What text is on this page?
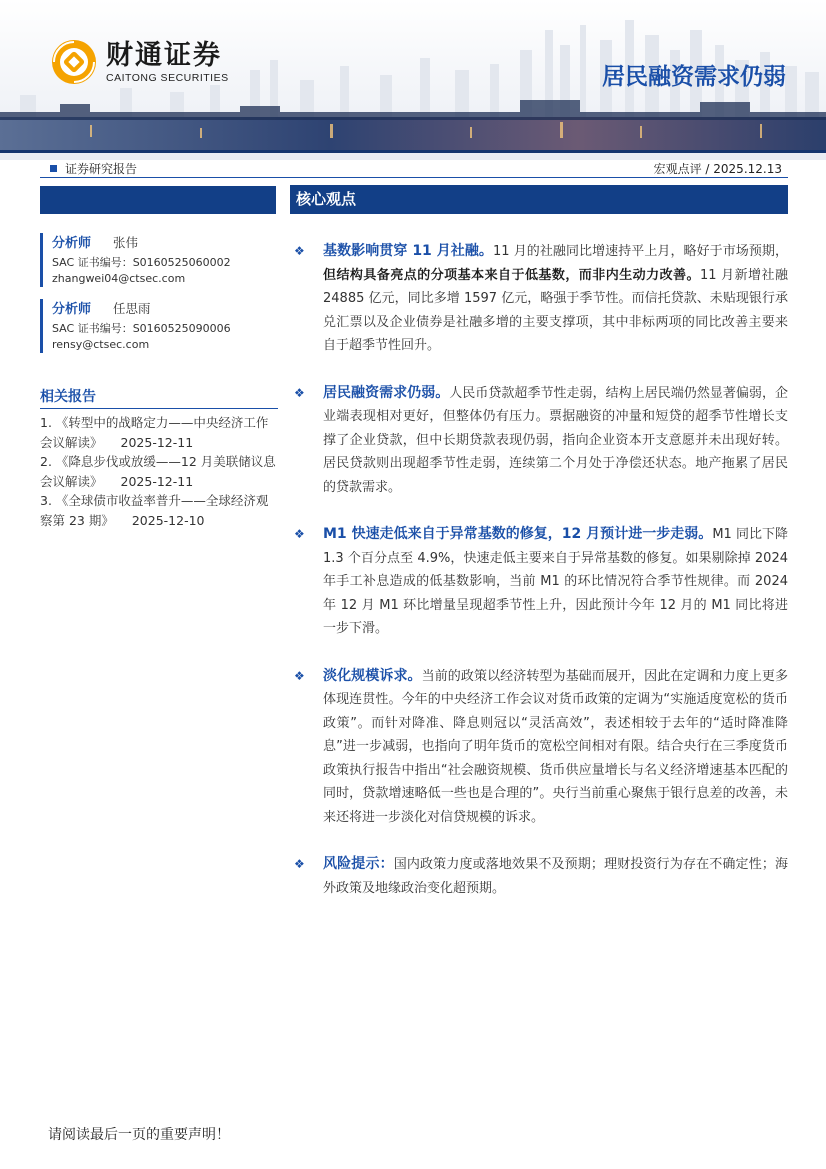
财通证券
CAITONG SECURITIES	居民融资需求仍弱
证券研究报告	宏观点评 / 2025.12.13
分析师 张伟
SAC 证书编号：S0160525060002
zhangwei04@ctsec.com
分析师 任思雨
SAC 证书编号：S0160525090006
rensy@ctsec.com
相关报告
1. 《转型中的战略定力——中央经济工作会议解读》 2025-12-11
2. 《降息步伐或放缓——12 月美联储议息会议解读》 2025-12-11
3. 《全球债市收益率普升——全球经济观察第 23 期》 2025-12-10
核心观点
❖ 基数影响贯穿 11 月社融。11 月的社融同比增速持平上月，略好于市场预期，但结构具备亮点的分项基本来自于低基数，而非内生动力改善。11 月新增社融 24885 亿元，同比多增 1597 亿元，略强于季节性。而信托贷款、未贴现银行承兑汇票以及企业债券是社融多增的主要支撑项，其中非标两项的同比改善主要来自于超季节性回升。
❖ 居民融资需求仍弱。人民币贷款超季节性走弱，结构上居民端仍然显著偏弱，企业端表现相对更好，但整体仍有压力。票据融资的冲量和短贷的超季节性增长支撑了企业贷款，但中长期贷款表现仍弱，指向企业资本开支意愿并未出现好转。居民贷款则出现超季节性走弱，连续第二个月处于净偿还状态。地产拖累了居民的贷款需求。
❖ M1 快速走低来自于异常基数的修复，12 月预计进一步走弱。M1 同比下降 1.3 个百分点至 4.9%，快速走低主要来自于异常基数的修复。如果剔除掉 2024 年手工补息造成的低基数影响，当前 M1 的环比情况符合季节性规律。而 2024 年 12 月 M1 环比增量呈现超季节性上升，因此预计今年 12 月的 M1 同比将进一步下滑。
❖ 淡化规模诉求。当前的政策以经济转型为基础而展开，因此在定调和力度上更多体现连贯性。今年的中央经济工作会议对货币政策的定调为“实施适度宽松的货币政策”。而针对降准、降息则冠以“灵活高效”，表述相较于去年的“适时降准降息”进一步减弱，也指向了明年货币的宽松空间相对有限。结合央行在三季度货币政策执行报告中指出“社会融资规模、货币供应量增长与名义经济增速基本匹配的同时，贷款增速略低一些也是合理的”。央行当前重心聚焦于银行息差的改善，未来还将进一步淡化对信贷规模的诉求。
❖ 风险提示：国内政策力度或落地效果不及预期；理财投资行为存在不确定性；海外政策及地缘政治变化超预期。
请阅读最后一页的重要声明！
